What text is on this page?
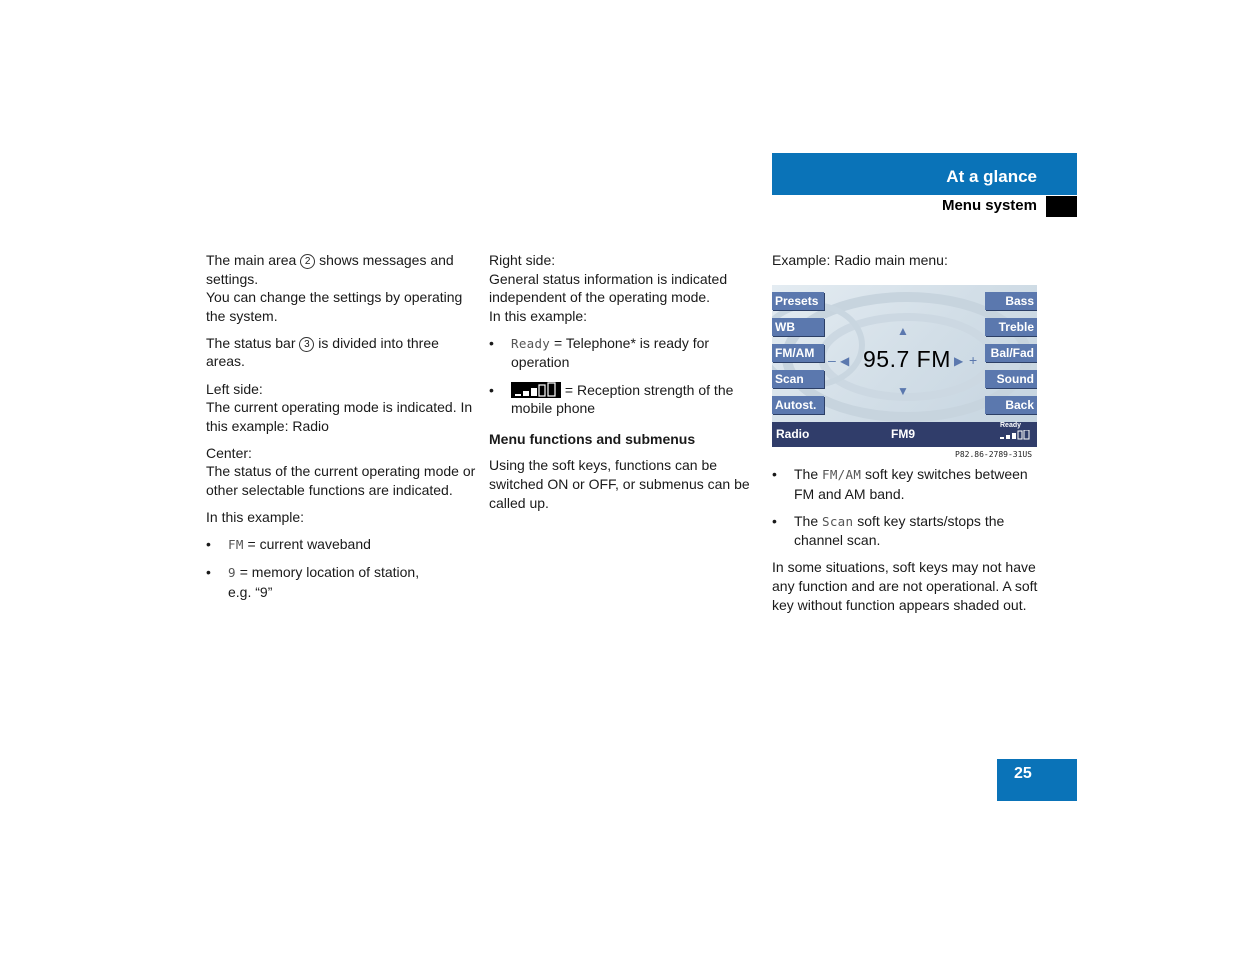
At a glance
Menu system

The main area 2 shows messages and settings.
You can change the settings by operating the system.

The status bar 3 is divided into three areas.

Left side:
The current operating mode is indicated. In this example: Radio

Center:
The status of the current operating mode or other selectable functions are indicated.

In this example:

• FM = current waveband
• 9 = memory location of station,
e.g. “9”

Right side:
General status information is indicated independent of the operating mode.
In this example:

• Ready = Telephone* is ready for operation
• = Reception strength of the mobile phone
Menu functions and submenus

Using the soft keys, functions can be switched ON or OFF, or submenus can be called up.

Example: Radio main menu:

Presets
WB
FM/AM
Scan
Autost.
Bass
Treble
Bal/Fad
Sound
Back
▲
▼
– ◀ 95.7 FM ▶ +
Radio	FM9
Ready
P82.86-2789-31US
• The FM/AM soft key switches between FM and AM band.
• The Scan soft key starts/stops the channel scan.

In some situations, soft keys may not have any function and are not operational. A soft key without function appears shaded out.

25
